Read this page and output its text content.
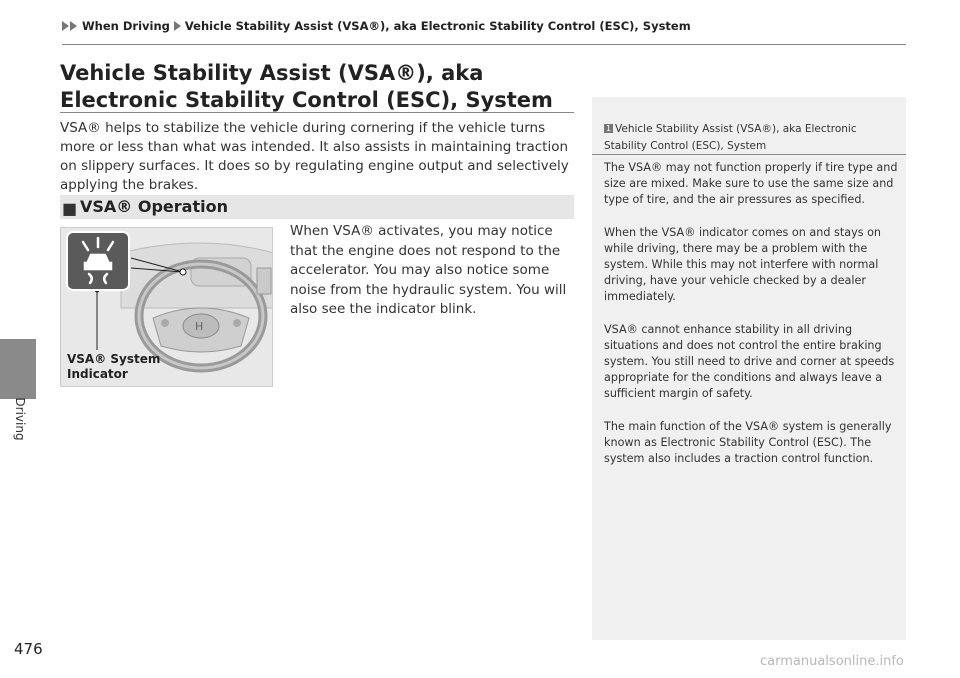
When Driving Vehicle Stability Assist (VSA®), aka Electronic Stability Control (ESC), System
Driving
Vehicle Stability Assist (VSA®), aka Electronic Stability Control (ESC), System

VSA® helps to stabilize the vehicle during cornering if the vehicle turns more or less than what was intended. It also assists in maintaining traction on slippery surfaces. It does so by regulating engine output and selectively applying the brakes.

■ VSA® Operation
H
VSA® System
Indicator

When VSA® activates, you may notice that the engine does not respond to the accelerator. You may also notice some noise from the hydraulic system. You will also see the indicator blink.

1 Vehicle Stability Assist (VSA®), aka Electronic Stability Control (ESC), System

The VSA® may not function properly if tire type and size are mixed. Make sure to use the same size and type of tire, and the air pressures as specified.

When the VSA® indicator comes on and stays on while driving, there may be a problem with the system. While this may not interfere with normal driving, have your vehicle checked by a dealer immediately.

VSA® cannot enhance stability in all driving situations and does not control the entire braking system. You still need to drive and corner at speeds appropriate for the conditions and always leave a sufficient margin of safety.

The main function of the VSA® system is generally known as Electronic Stability Control (ESC). The system also includes a traction control function.

476
carmanualsonline.info
